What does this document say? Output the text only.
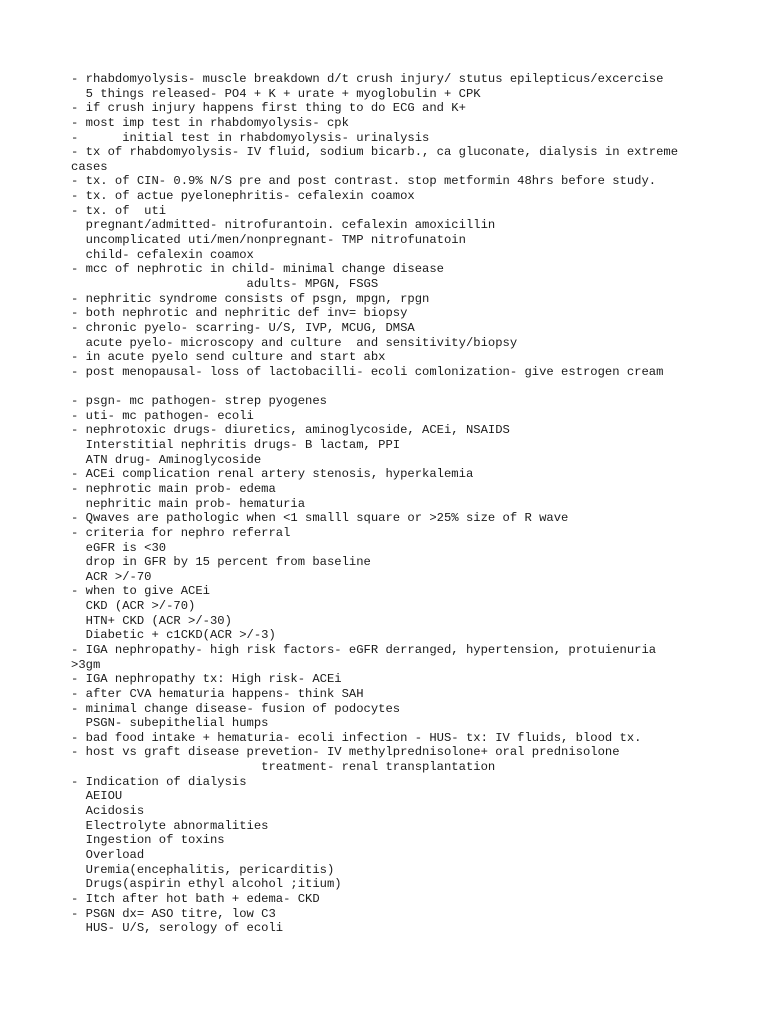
- rhabdomyolysis- muscle breakdown d/t crush injury/ stutus epilepticus/excercise
5 things released- PO4 + K + urate + myoglobulin + CPK
- if crush injury happens first thing to do ECG and K+
- most imp test in rhabdomyolysis- cpk
-      initial test in rhabdomyolysis- urinalysis
- tx of rhabdomyolysis- IV fluid, sodium bicarb., ca gluconate, dialysis in extreme
cases
- tx. of CIN- 0.9% N/S pre and post contrast. stop metformin 48hrs before study.
- tx. of actue pyelonephritis- cefalexin coamox
- tx. of  uti
pregnant/admitted- nitrofurantoin. cefalexin amoxicillin
uncomplicated uti/men/nonpregnant- TMP nitrofunatoin
child- cefalexin coamox
- mcc of nephrotic in child- minimal change disease
adults- MPGN, FSGS
- nephritic syndrome consists of psgn, mpgn, rpgn
- both nephrotic and nephritic def inv= biopsy
- chronic pyelo- scarring- U/S, IVP, MCUG, DMSA
acute pyelo- microscopy and culture  and sensitivity/biopsy
- in acute pyelo send culture and start abx
- post menopausal- loss of lactobacilli- ecoli comlonization- give estrogen cream
- psgn- mc pathogen- strep pyogenes
- uti- mc pathogen- ecoli
- nephrotoxic drugs- diuretics, aminoglycoside, ACEi, NSAIDS
Interstitial nephritis drugs- B lactam, PPI
ATN drug- Aminoglycoside
- ACEi complication renal artery stenosis, hyperkalemia
- nephrotic main prob- edema
nephritic main prob- hematuria
- Qwaves are pathologic when <1 smalll square or >25% size of R wave
- criteria for nephro referral
eGFR is <30
drop in GFR by 15 percent from baseline
ACR >/-70
- when to give ACEi
CKD (ACR >/-70)
HTN+ CKD (ACR >/-30)
Diabetic + c1CKD(ACR >/-3)
- IGA nephropathy- high risk factors- eGFR derranged, hypertension, protuienuria
>3gm
- IGA nephropathy tx: High risk- ACEi
- after CVA hematuria happens- think SAH
- minimal change disease- fusion of podocytes
PSGN- subepithelial humps
- bad food intake + hematuria- ecoli infection - HUS- tx: IV fluids, blood tx.
- host vs graft disease prevetion- IV methylprednisolone+ oral prednisolone
treatment- renal transplantation
- Indication of dialysis
AEIOU
Acidosis
Electrolyte abnormalities
Ingestion of toxins
Overload
Uremia(encephalitis, pericarditis)
Drugs(aspirin ethyl alcohol ;itium)
- Itch after hot bath + edema- CKD
- PSGN dx= ASO titre, low C3
HUS- U/S, serology of ecoli
